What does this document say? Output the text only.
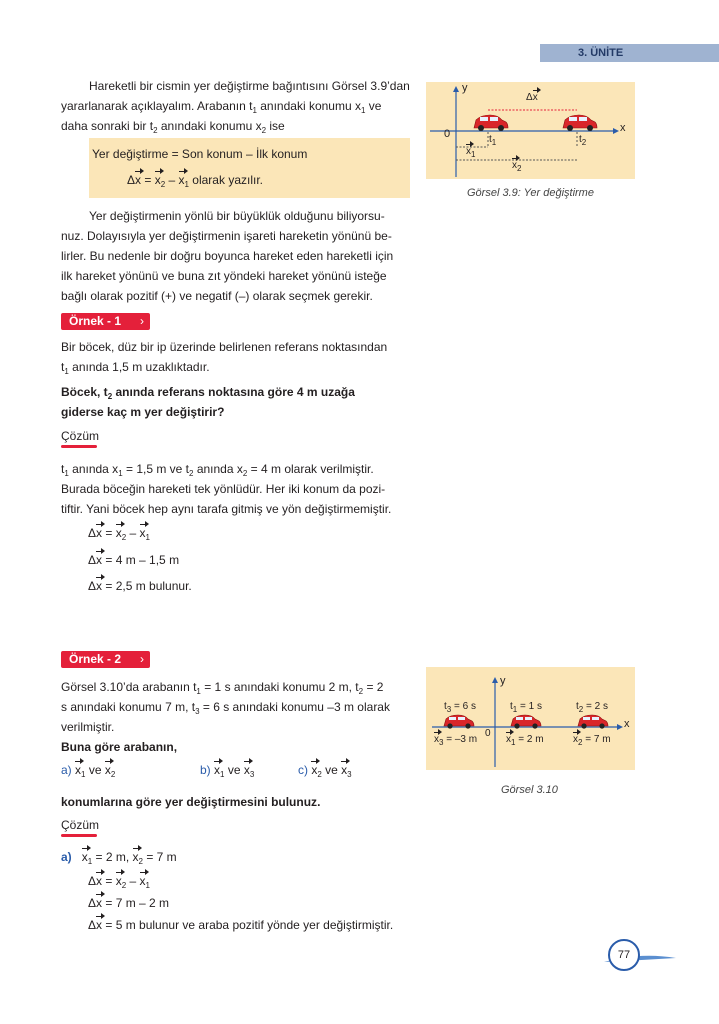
3. ÜNİTE
Hareketli bir cismin yer değiştirme bağıntısını Görsel 3.9’dan
yararlanarak açıklayalım. Arabanın $t_1$ anındaki konumu $x_1$ ve
daha sonraki bir $t_2$ anındaki konumu $x_2$ ise
Yer değiştirme = Son konum – İlk konum
$\Delta x = x_2 - x_1$ olarak yazılır.
Yer değiştirmenin yönlü bir büyüklük olduğunu biliyorsu-
nuz. Dolayısıyla yer değiştirmenin işareti hareketin yönünü be-
lirler. Bu nedenle bir doğru boyunca hareket eden hareketli için
ilk hareket yönünü ve buna zıt yöndeki hareket yönünü isteğe
bağlı olarak pozitif (+) ve negatif (–) olarak seçmek gerekir.
Örnek - 1 ›
Bir böcek, düz bir ip üzerinde belirlenen referans noktasından
$t_1$ anında 1,5 m uzaklıktadır.
Böcek, $t_2$ anında referans noktasına göre 4 m uzağa
giderse kaç m yer değiştirir?
Çözüm
$t_1$ anında $x_1 = 1,5$ m ve $t_2$ anında $x_2 = 4$ m olarak verilmiştir.
Burada böceğin hareketi tek yönlüdür. Her iki konum da pozi-
tiftir. Yani böcek hep aynı tarafa gitmiş ve yön değiştirmemiştir.
$\Delta x = x_2 - x_1$
Δx = 4 m – 1,5 m
Δx = 2,5 m bulunur.
Örnek - 2 ›
Görsel 3.10’da arabanın $t_1 = 1$ s anındaki konumu 2 m, $t_2 = 2$
s anındaki konumu 7 m, $t_3 = 6$ s anındaki konumu –3 m olarak
verilmiştir.
Buna göre arabanın,
a) $x_1$ ve $x_2$	b) $x_1$ ve $x_3$	c) $x_2$ ve $x_3$
konumlarına göre yer değiştirmesini bulunuz.
Çözüm
a) $x_1 = 2$ m, $x_2 = 7$ m
$\Delta x = x_2 - x_1$
Δx = 7 m – 2 m
Δx = 5 m bulunur ve araba pozitif yönde yer değiştirmiştir.
y
x
0	$t_1$	$t_2$
$x_1$
$x_2$
Δx
Görsel 3.9: Yer değiştirme
y
x
0
$t_3 = 6$ s	$t_1 = 1$ s	$t_2 = 2$ s
$x_3 = -3$ m	$x_1 = 2$ m	$x_2 = 7$ m
Görsel 3.10
77
